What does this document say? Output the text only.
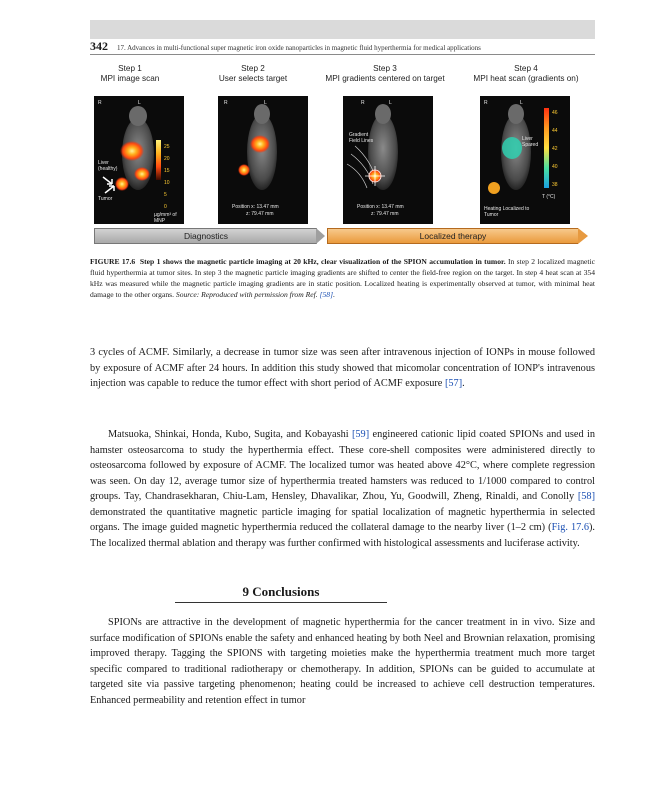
342 17. Advances in multi-functional super magnetic iron oxide nanoparticles in magnetic fluid hyperthermia for medical applications
Step 1
MPI image scan
Step 2
User selects target
Step 3
MPI gradients centered on target
Step 4
MPI heat scan (gradients on)
R	L
Liver (healthy)
Tumor
25
20
15
10
5
0
µg/mm³ of MNP
R	L
Position x: 13.47 mm
z: 79.47 mm
R	L
Gradient Field Lines
Position x: 13.47 mm
z: 79.47 mm
R	L
Liver Spared
46
44
42
40
38
T (°C)
Heating Localized to Tumor
Diagnostics	Localized therapy
FIGURE 17.6 Step 1 shows the magnetic particle imaging at 20 kHz, clear visualization of the SPION accumulation in tumor. In step 2 localized magnetic fluid hyperthermia at tumor sites. In step 3 the magnetic particle imaging gradients are shifted to center the field-free region on the target. In step 4 heat scan at 354 kHz was measured while the magnetic particle imaging gradients are in static position. Localized heating is experimentally observed at tumor, with minimal heat damage to the other organs. Source: Reproduced with permission from Ref. [58].

3 cycles of ACMF. Similarly, a decrease in tumor size was seen after intravenous injection of IONPs in mouse followed by exposure of ACMF after 24 hours. In addition this study showed that micomolar concentration of IONP's intravenous injection was capable to reduce the tumor effect with short period of ACMF exposure [57].

Matsuoka, Shinkai, Honda, Kubo, Sugita, and Kobayashi [59] engineered cationic lipid coated SPIONs and used in hamster osteosarcoma to study the hyperthermia effect. These core-shell composites were administered directly to osteosarcoma followed by exposure of ACMF. The localized tumor was heated above 42°C, where complete regression was seen. On day 12, average tumor size of hyperthermia treated hamsters was reduced to 1/1000 compared to control groups. Tay, Chandrasekharan, Chiu-Lam, Hensley, Dhavalikar, Zhou, Yu, Goodwill, Zheng, Rinaldi, and Conolly [58] demonstrated the quantitative magnetic particle imaging for spatial localization of magnetic hyperthermia in selected organs. The image guided magnetic hyperthermia reduced the collateral damage to the nearby liver (1–2 cm) (Fig. 17.6). The localized thermal ablation and therapy was further confirmed with histological assessments and luciferase activity.

9 Conclusions

SPIONs are attractive in the development of magnetic hyperthermia for the cancer treatment in in vivo. Size and surface modification of SPIONs enable the safety and enhanced heating by both Neel and Brownian relaxation, promising improved therapy. Tagging the SPIONS with targeting moieties make the hyperthermia treatment much more target specific compared to traditional radiotherapy or chemotherapy. In addition, SPIONs can be guided to accumulate at targeted site via passive targeting phenomenon; heating could be increased to achieve cell destruction temperatures. Enhanced permeability and retention effect in tumor
